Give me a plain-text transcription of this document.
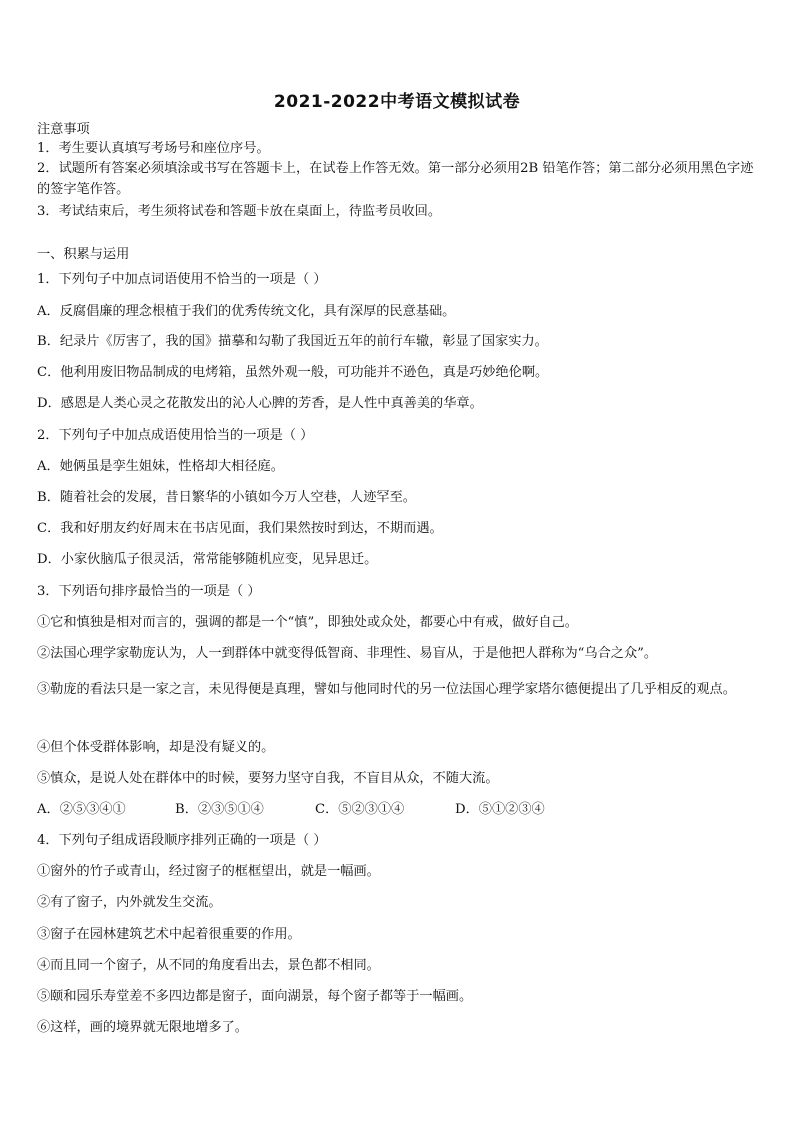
2021-2022中考语文模拟试卷
注意事项
1．考生要认真填写考场号和座位序号。
2．试题所有答案必须填涂或书写在答题卡上，在试卷上作答无效。第一部分必须用2B 铅笔作答；第二部分必须用黑色字迹的签字笔作答。
3．考试结束后，考生须将试卷和答题卡放在桌面上，待监考员收回。
一、积累与运用
1．下列句子中加点词语使用不恰当的一项是（ ）
A．反腐倡廉的理念根植于我们的优秀传统文化，具有深厚的民意基础。
B．纪录片《厉害了，我的国》描摹和勾勒了我国近五年的前行车辙，彰显了国家实力。
C．他利用废旧物品制成的电烤箱，虽然外观一般，可功能并不逊色，真是巧妙绝伦啊。
D．感恩是人类心灵之花散发出的沁人心脾的芳香，是人性中真善美的华章。
2．下列句子中加点成语使用恰当的一项是（ ）
A．她俩虽是孪生姐妹，性格却大相径庭。
B．随着社会的发展，昔日繁华的小镇如今万人空巷，人迹罕至。
C．我和好朋友约好周末在书店见面，我们果然按时到达，不期而遇。
D．小家伙脑瓜子很灵活，常常能够随机应变，见异思迁。
3．下列语句排序最恰当的一项是（ ）
①它和慎独是相对而言的，强调的都是一个“慎”，即独处或众处，都要心中有戒，做好自己。
②法国心理学家勒庞认为，人一到群体中就变得低智商、非理性、易盲从，于是他把人群称为“乌合之众”。
③勒庞的看法只是一家之言，未见得便是真理，譬如与他同时代的另一位法国心理学家塔尔德便提出了几乎相反的观点。
④但个体受群体影响，却是没有疑义的。
⑤慎众，是说人处在群体中的时候，要努力坚守自我，不盲目从众，不随大流。
A．②⑤③④①	B．②③⑤①④	C．⑤②③①④	D．⑤①②③④
4．下列句子组成语段顺序排列正确的一项是（ ）
①窗外的竹子或青山，经过窗子的框框望出，就是一幅画。
②有了窗子，内外就发生交流。
③窗子在园林建筑艺术中起着很重要的作用。
④而且同一个窗子，从不同的角度看出去，景色都不相同。
⑤颐和园乐寿堂差不多四边都是窗子，面向湖景，每个窗子都等于一幅画。
⑥这样，画的境界就无限地增多了。
